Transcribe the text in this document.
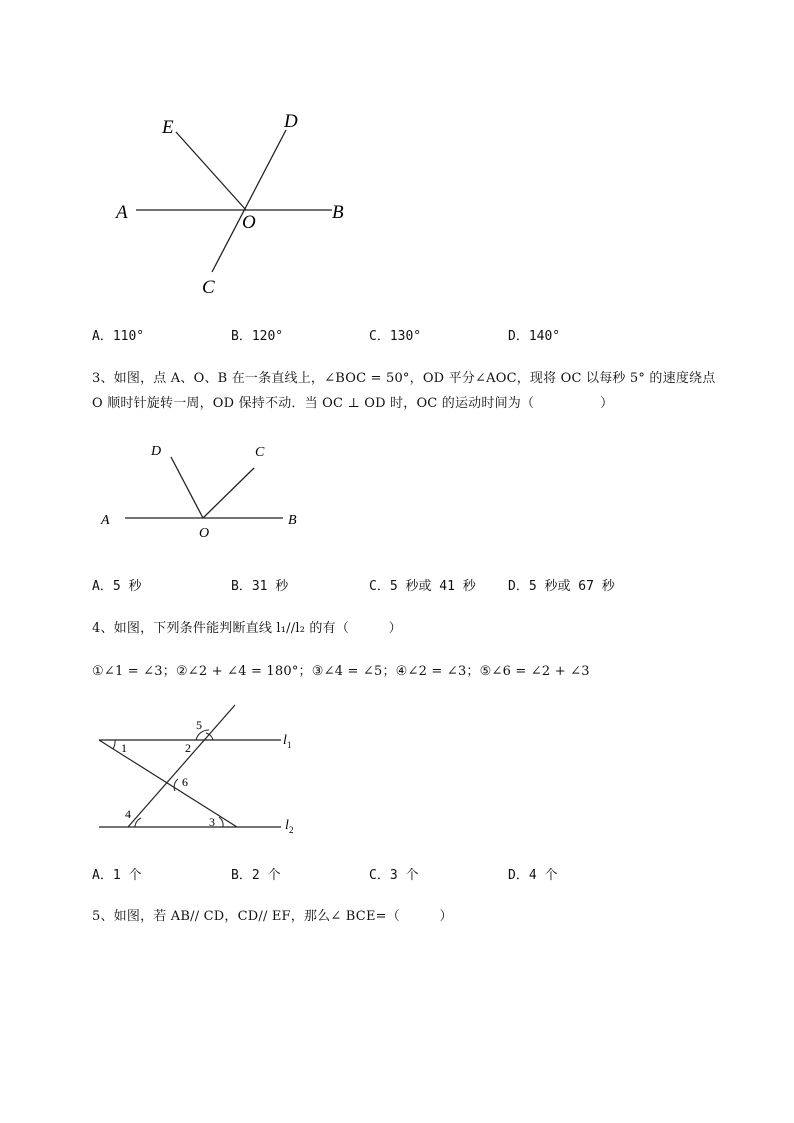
E	D
A	O	B
C
A．110°	B．120°	C．130°	D．140°
3、如图，点 A、O、B 在一条直线上，∠BOC = 50°，OD 平分∠AOC，现将 OC 以每秒 5° 的速度绕点
O 顺时针旋转一周，OD 保持不动．当 OC ⊥ OD 时，OC 的运动时间为（　　　　　）
D	C
A
O
B
A．5 秒	B．31 秒	C．5 秒或 41 秒 D．5 秒或 67 秒
4、如图，下列条件能判断直线 l₁//l₂ 的有（　　　）
①∠1 = ∠3；②∠2 + ∠4 = 180°；③∠4 = ∠5；④∠2 = ∠3；⑤∠6 = ∠2 + ∠3
1	2
3
4
5
6
l 1
l 2
A．1 个	B．2 个	C．3 个	D．4 个
5、如图，若 AB// CD，CD// EF，那么∠ BCE=（　　　）
